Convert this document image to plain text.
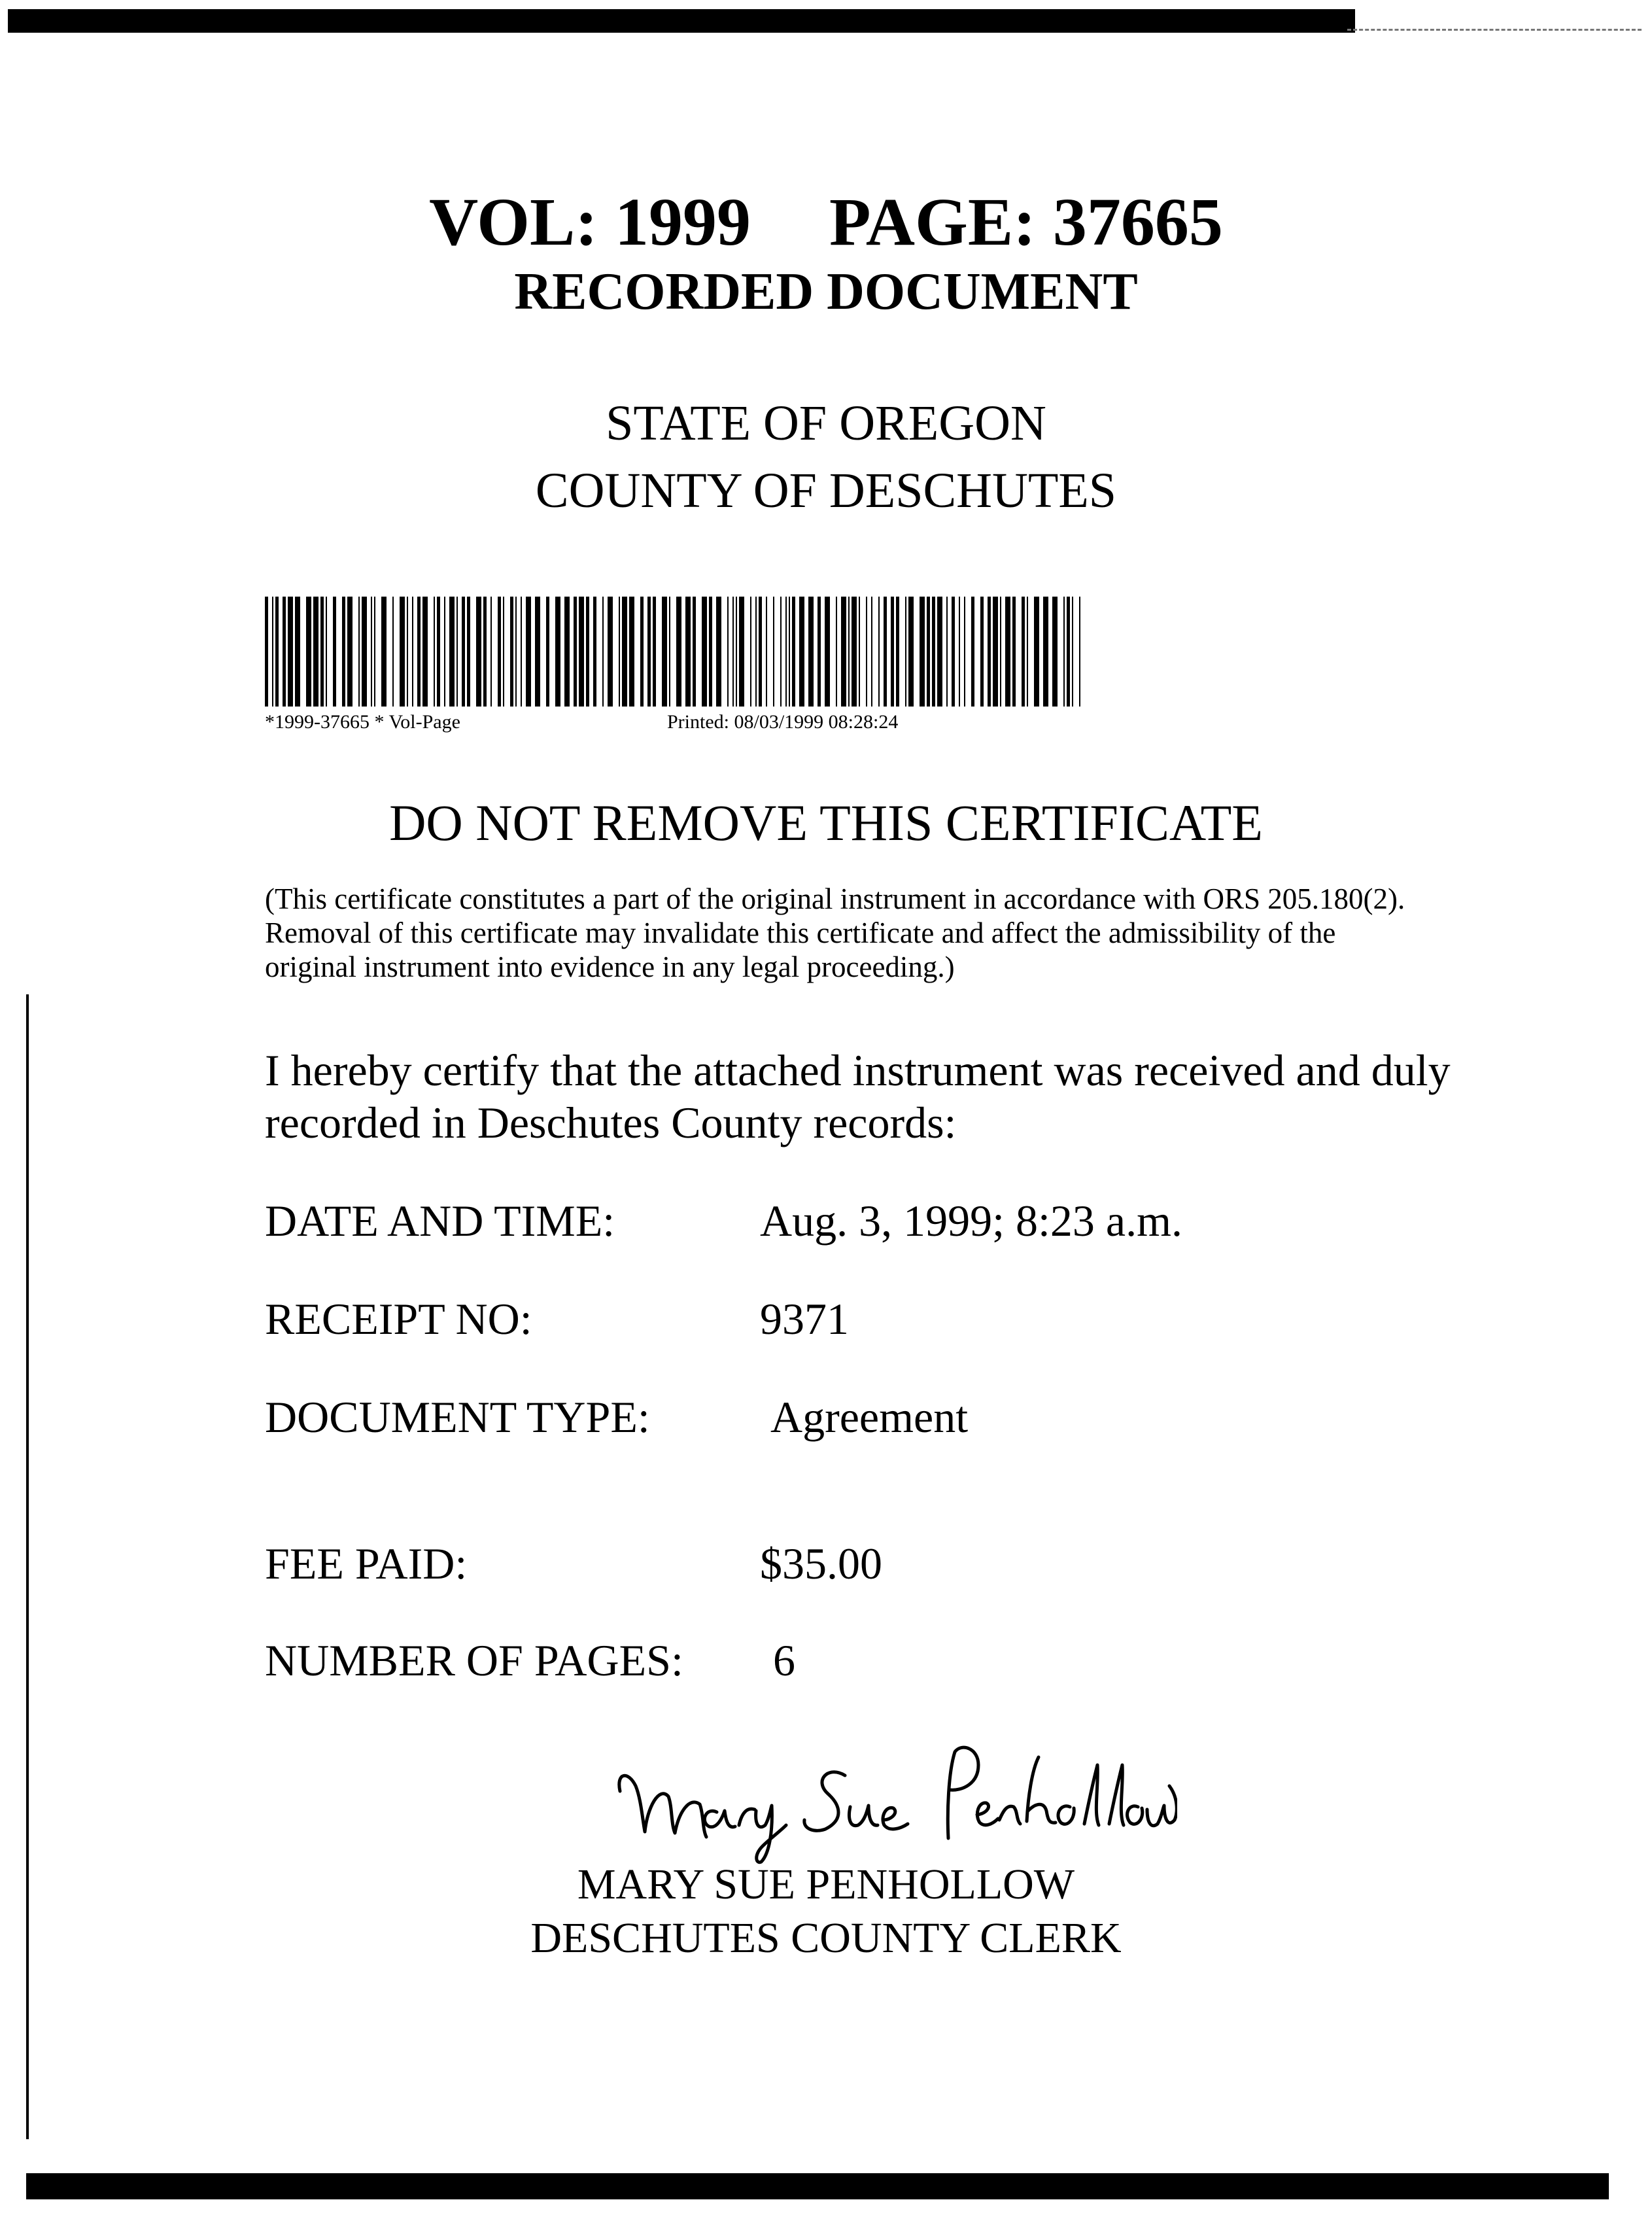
VOL: 1999 PAGE: 37665
RECORDED DOCUMENT
STATE OF OREGON
COUNTY OF DESCHUTES
*1999-37665 * Vol-Page	Printed: 08/03/1999 08:28:24
DO NOT REMOVE THIS CERTIFICATE
(This certificate constitutes a part of the original instrument in accordance with ORS 205.180(2). Removal of this certificate may invalidate this certificate and affect the admissibility of the original instrument into evidence in any legal proceeding.)
I hereby certify that the attached instrument was received and duly recorded in Deschutes County records:
DATE AND TIME:	Aug. 3, 1999; 8:23 a.m.
RECEIPT NO:	9371
DOCUMENT TYPE:	Agreement
FEE PAID:	$35.00
NUMBER OF PAGES: 6
MARY SUE PENHOLLOW
DESCHUTES COUNTY CLERK
